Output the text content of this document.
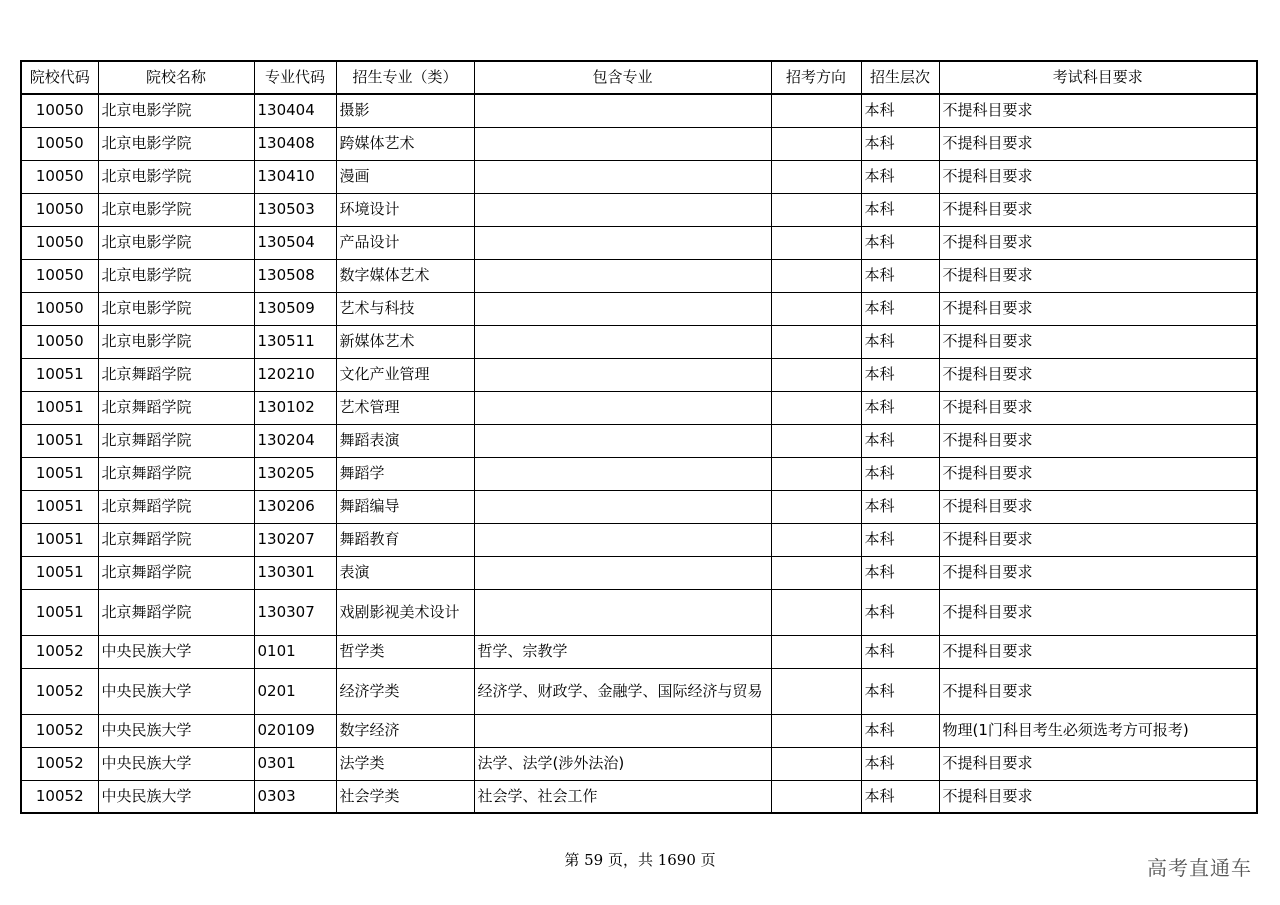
院校代码	院校名称	专业代码	招生专业（类）	包含专业	招考方向	招生层次	考试科目要求
10050	北京电影学院	130404	摄影			本科	不提科目要求
10050	北京电影学院	130408	跨媒体艺术			本科	不提科目要求
10050	北京电影学院	130410	漫画			本科	不提科目要求
10050	北京电影学院	130503	环境设计			本科	不提科目要求
10050	北京电影学院	130504	产品设计			本科	不提科目要求
10050	北京电影学院	130508	数字媒体艺术			本科	不提科目要求
10050	北京电影学院	130509	艺术与科技			本科	不提科目要求
10050	北京电影学院	130511	新媒体艺术			本科	不提科目要求
10051	北京舞蹈学院	120210	文化产业管理			本科	不提科目要求
10051	北京舞蹈学院	130102	艺术管理			本科	不提科目要求
10051	北京舞蹈学院	130204	舞蹈表演			本科	不提科目要求
10051	北京舞蹈学院	130205	舞蹈学			本科	不提科目要求
10051	北京舞蹈学院	130206	舞蹈编导			本科	不提科目要求
10051	北京舞蹈学院	130207	舞蹈教育			本科	不提科目要求
10051	北京舞蹈学院	130301	表演			本科	不提科目要求
10051	北京舞蹈学院	130307	戏剧影视美术设计			本科	不提科目要求
10052	中央民族大学	0101	哲学类	哲学、宗教学		本科	不提科目要求
10052	中央民族大学	0201	经济学类	经济学、财政学、金融学、国际经济与贸易		本科	不提科目要求
10052	中央民族大学	020109	数字经济			本科	物理(1门科目考生必须选考方可报考)
10052	中央民族大学	0301	法学类	法学、法学(涉外法治)		本科	不提科目要求
10052	中央民族大学	0303	社会学类	社会学、社会工作		本科	不提科目要求
第 59 页，共 1690 页	高考直通车
